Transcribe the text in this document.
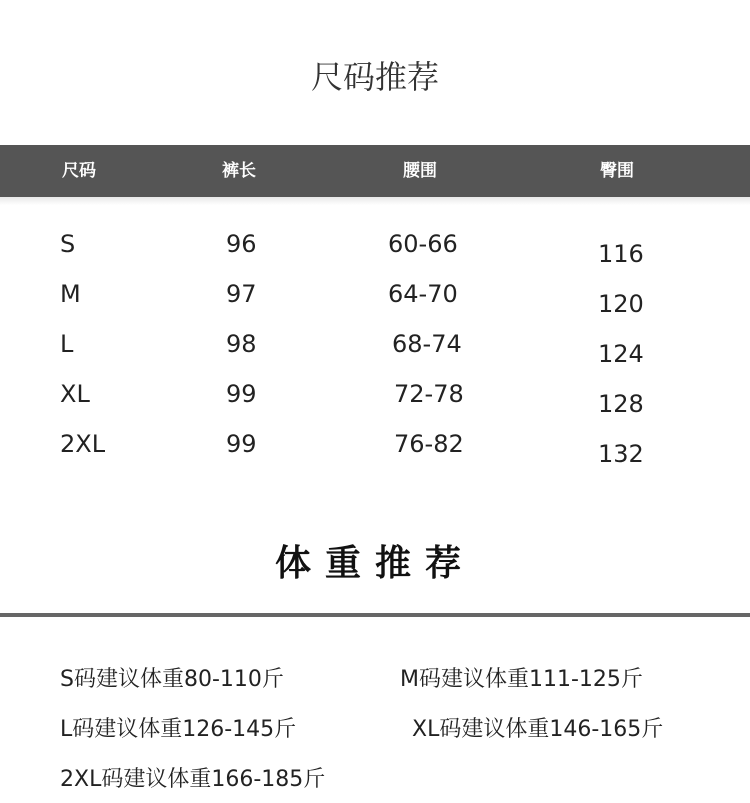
尺码推荐
尺码	裤长	腰围	臀围
S	96	60-66	116
M	97	64-70	120
L	98	68-74	124
XL	99	72-78	128
2XL	99	76-82	132
体重推荐
S码建议体重80-110斤	M码建议体重111-125斤
L码建议体重126-145斤	XL码建议体重146-165斤
2XL码建议体重166-185斤
